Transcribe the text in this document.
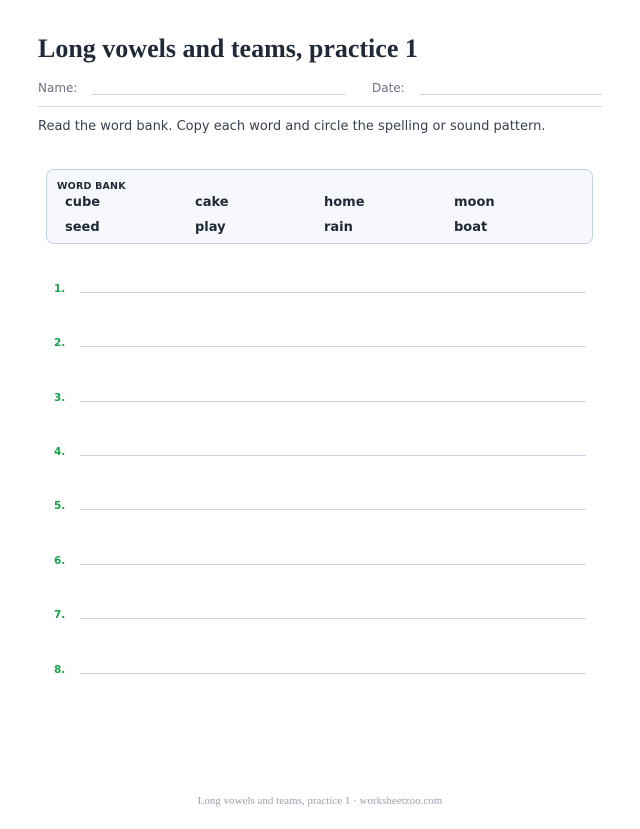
Long vowels and teams, practice 1
Name:	Date:
Read the word bank. Copy each word and circle the spelling or sound pattern.
WORD BANK
cube	cake	home	moon
seed	play	rain	boat
1.
2.
3.
4.
5.
6.
7.
8.
Long vowels and teams, practice 1 · worksheetzoo.com
